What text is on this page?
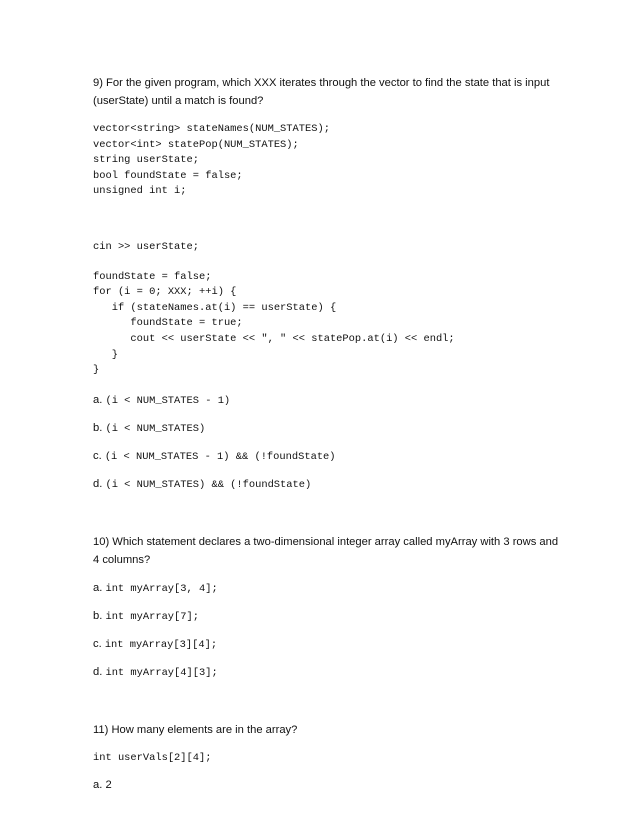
9) For the given program, which XXX iterates through the vector to find the state that is input (userState) until a match is found?

vector<string> stateNames(NUM_STATES);

vector<int> statePop(NUM_STATES);

string userState;

bool foundState = false;

unsigned int i;

cin >> userState;

foundState = false;

for (i = 0; XXX; ++i) {

if (stateNames.at(i) == userState) {

foundState = true;

cout << userState << ", " << statePop.at(i) << endl;

}

}

a. (i < NUM_STATES - 1)

b. (i < NUM_STATES)

c. (i < NUM_STATES - 1) && (!foundState)

d. (i < NUM_STATES) && (!foundState)

10) Which statement declares a two-dimensional integer array called myArray with 3 rows and 4 columns?

a. int myArray[3, 4];

b. int myArray[7];

c. int myArray[3][4];

d. int myArray[4][3];

11) How many elements are in the array?

int userVals[2][4];

a. 2
